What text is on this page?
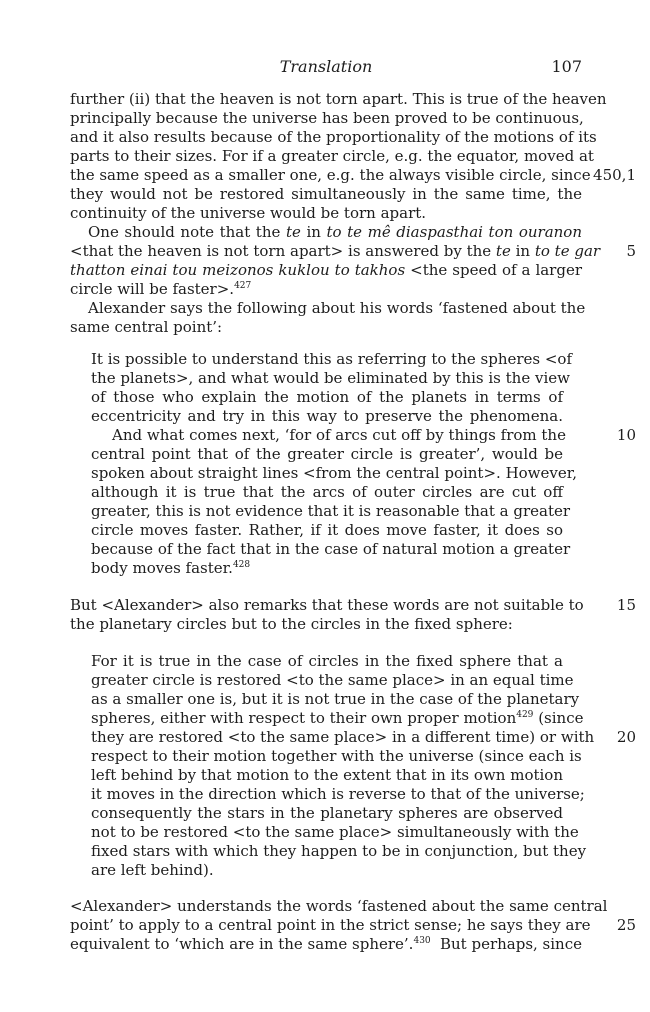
Translation	107
further (ii) that the heaven is not torn apart. This is true of the heaven
principally because the universe has been proved to be continuous,
and it also results because of the proportionality of the motions of its
parts to their sizes. For if a greater circle, e.g. the equator, moved at
the same speed as a smaller one, e.g. the always visible circle, since 450,1
they would not be restored simultaneously in the same time, the
continuity of the universe would be torn apart.
One should note that the te in to te mê diaspasthai ton ouranon
<that the heaven is not torn apart> is answered by the te in to te gar 5
thatton einai tou meizonos kuklou to takhos <the speed of a larger
circle will be faster>.$^{427}$
Alexander says the following about his words ‘fastened about the
same central point’:
It is possible to understand this as referring to the spheres <of
the planets>, and what would be eliminated by this is the view
of those who explain the motion of the planets in terms of
eccentricity and try in this way to preserve the phenomena.
And what comes next, ‘for of arcs cut off by things from the	10
central point that of the greater circle is greater’, would be
spoken about straight lines <from the central point>. However,
although it is true that the arcs of outer circles are cut off
greater, this is not evidence that it is reasonable that a greater
circle moves faster. Rather, if it does move faster, it does so
because of the fact that in the case of natural motion a greater
body moves faster.$^{428}$
But <Alexander> also remarks that these words are not suitable to 15
the planetary circles but to the circles in the fixed sphere:
For it is true in the case of circles in the fixed sphere that a
greater circle is restored <to the same place> in an equal time
as a smaller one is, but it is not true in the case of the planetary
spheres, either with respect to their own proper motion$^{429}$ (since
they are restored <to the same place> in a different time) or with 20
respect to their motion together with the universe (since each is
left behind by that motion to the extent that in its own motion
it moves in the direction which is reverse to that of the universe;
consequently the stars in the planetary spheres are observed
not to be restored <to the same place> simultaneously with the
fixed stars with which they happen to be in conjunction, but they
are left behind).
<Alexander> understands the words ‘fastened about the same central
point’ to apply to a central point in the strict sense; he says they are 25
equivalent to ‘which are in the same sphere’.$^{430}$ But perhaps, since
